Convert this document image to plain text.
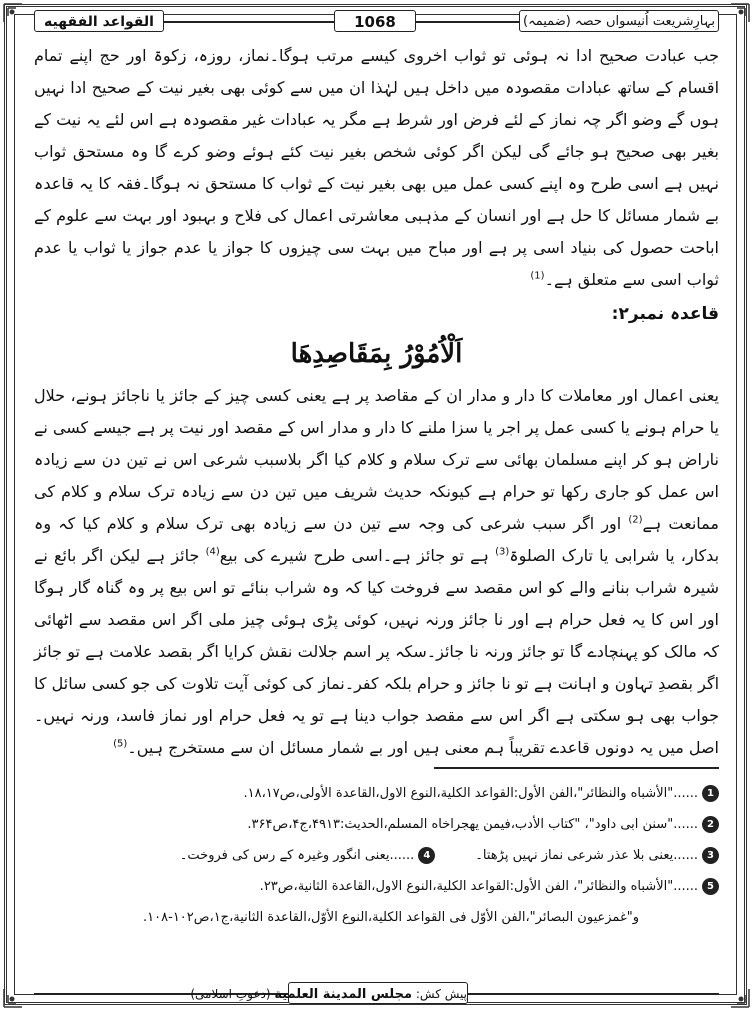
القواعد الفقهيه	1068	بہارِشریعت اُنیسواں حصہ (ضمیمہ)

جب عبادت صحیح ادا نہ ہوئی تو ثواب اخروی کیسے مرتب ہوگا۔نماز، روزہ، زکوۃ اور حج اپنے تمام اقسام کے ساتھ عبادات مقصودہ میں داخل ہیں لہٰذا ان میں سے کوئی بھی بغیر نیت کے صحیح ادا نہیں ہوں گے وضو اگر چہ نماز کے لئے فرض اور شرط ہے مگر یہ عبادات غیر مقصودہ ہے اس لئے یہ نیت کے بغیر بھی صحیح ہو جائے گی لیکن اگر کوئی شخص بغیر نیت کئے ہوئے وضو کرے گا وہ مستحق ثواب نہیں ہے اسی طرح وہ اپنے کسی عمل میں بھی بغیر نیت کے ثواب کا مستحق نہ ہوگا۔فقہ کا یہ قاعدہ بے شمار مسائل کا حل ہے اور انسان کے مذہبی معاشرتی اعمال کی فلاح و بہبود اور بہت سے علوم کے اباحت حصول کی بنیاد اسی پر ہے اور مباح میں بہت سی چیزوں کا جواز یا عدم جواز یا ثواب یا عدم ثواب اسی سے متعلق ہے۔$^{(1)}$

قاعدہ نمبر۲:
اَلْاُمُوْرُ بِمَقَاصِدِهَا

یعنی اعمال اور معاملات کا دار و مدار ان کے مقاصد پر ہے یعنی کسی چیز کے جائز یا ناجائز ہونے، حلال یا حرام ہونے یا کسی عمل پر اجر یا سزا ملنے کا دار و مدار اس کے مقصد اور نیت پر ہے جیسے کسی نے ناراض ہو کر اپنے مسلمان بھائی سے ترک سلام و کلام کیا اگر بلاسبب شرعی اس نے تین دن سے زیادہ اس عمل کو جاری رکھا تو حرام ہے کیونکہ حدیث شریف میں تین دن سے زیادہ ترک سلام و کلام کی ممانعت ہے$^{(2)}$ اور اگر سبب شرعی کی وجہ سے تین دن سے زیادہ بھی ترک سلام و کلام کیا کہ وہ بدکار، یا شرابی یا تارک الصلوۃ$^{(3)}$ ہے تو جائز ہے۔اسی طرح شیرے کی بیع$^{(4)}$ جائز ہے لیکن اگر بائع نے شیرہ شراب بنانے والے کو اس مقصد سے فروخت کیا کہ وہ شراب بنائے تو اس بیع پر وہ گناہ گار ہوگا اور اس کا یہ فعل حرام ہے اور نا جائز ورنہ نہیں، کوئی پڑی ہوئی چیز ملی اگر اس مقصد سے اٹھائی کہ مالک کو پہنچادے گا تو جائز ورنہ نا جائز۔سکہ پر اسم جلالت نقش کرایا اگر بقصد علامت ہے تو جائز اگر بقصدِ تہاون و اہانت ہے تو نا جائز و حرام بلکہ کفر۔نماز کی کوئی آیت تلاوت کی جو کسی سائل کا جواب بھی ہو سکتی ہے اگر اس سے مقصد جواب دینا ہے تو یہ فعل حرام اور نماز فاسد، ورنہ نہیں۔اصل میں یہ دونوں قاعدے تقریباً ہم معنی ہیں اور بے شمار مسائل ان سے مستخرج ہیں۔$^{(5)}$

1......"الأشباه والنظائر"،الفن الأول:القواعد الكلية،النوع الاول،القاعدة الأولى،ص۱۸،۱۷.
2......"سنن ابی داود"، "كتاب الأدب،فيمن يهجراخاه المسلم،الحديث:۴۹۱۳،ج۴،ص۳۶۴.
3......یعنی بلا عذر شرعی نماز نہیں پڑھتا۔4......یعنی انگور وغیرہ کے رس کی فروخت۔
5......"الأشباه والنظائر"، الفن الأول:القواعد الكلية،النوع الاول،القاعدة الثانية،ص۲۳.
و"غمزعيون البصائر"،الفن الأوّل فى القواعد الكلية،النوع الأوّل،القاعدة الثانية،ج۱،ص۱۰۲-۱۰۸.
پیش کش: مجلس المدينة العلمية (دعوتِ اسلامی)
